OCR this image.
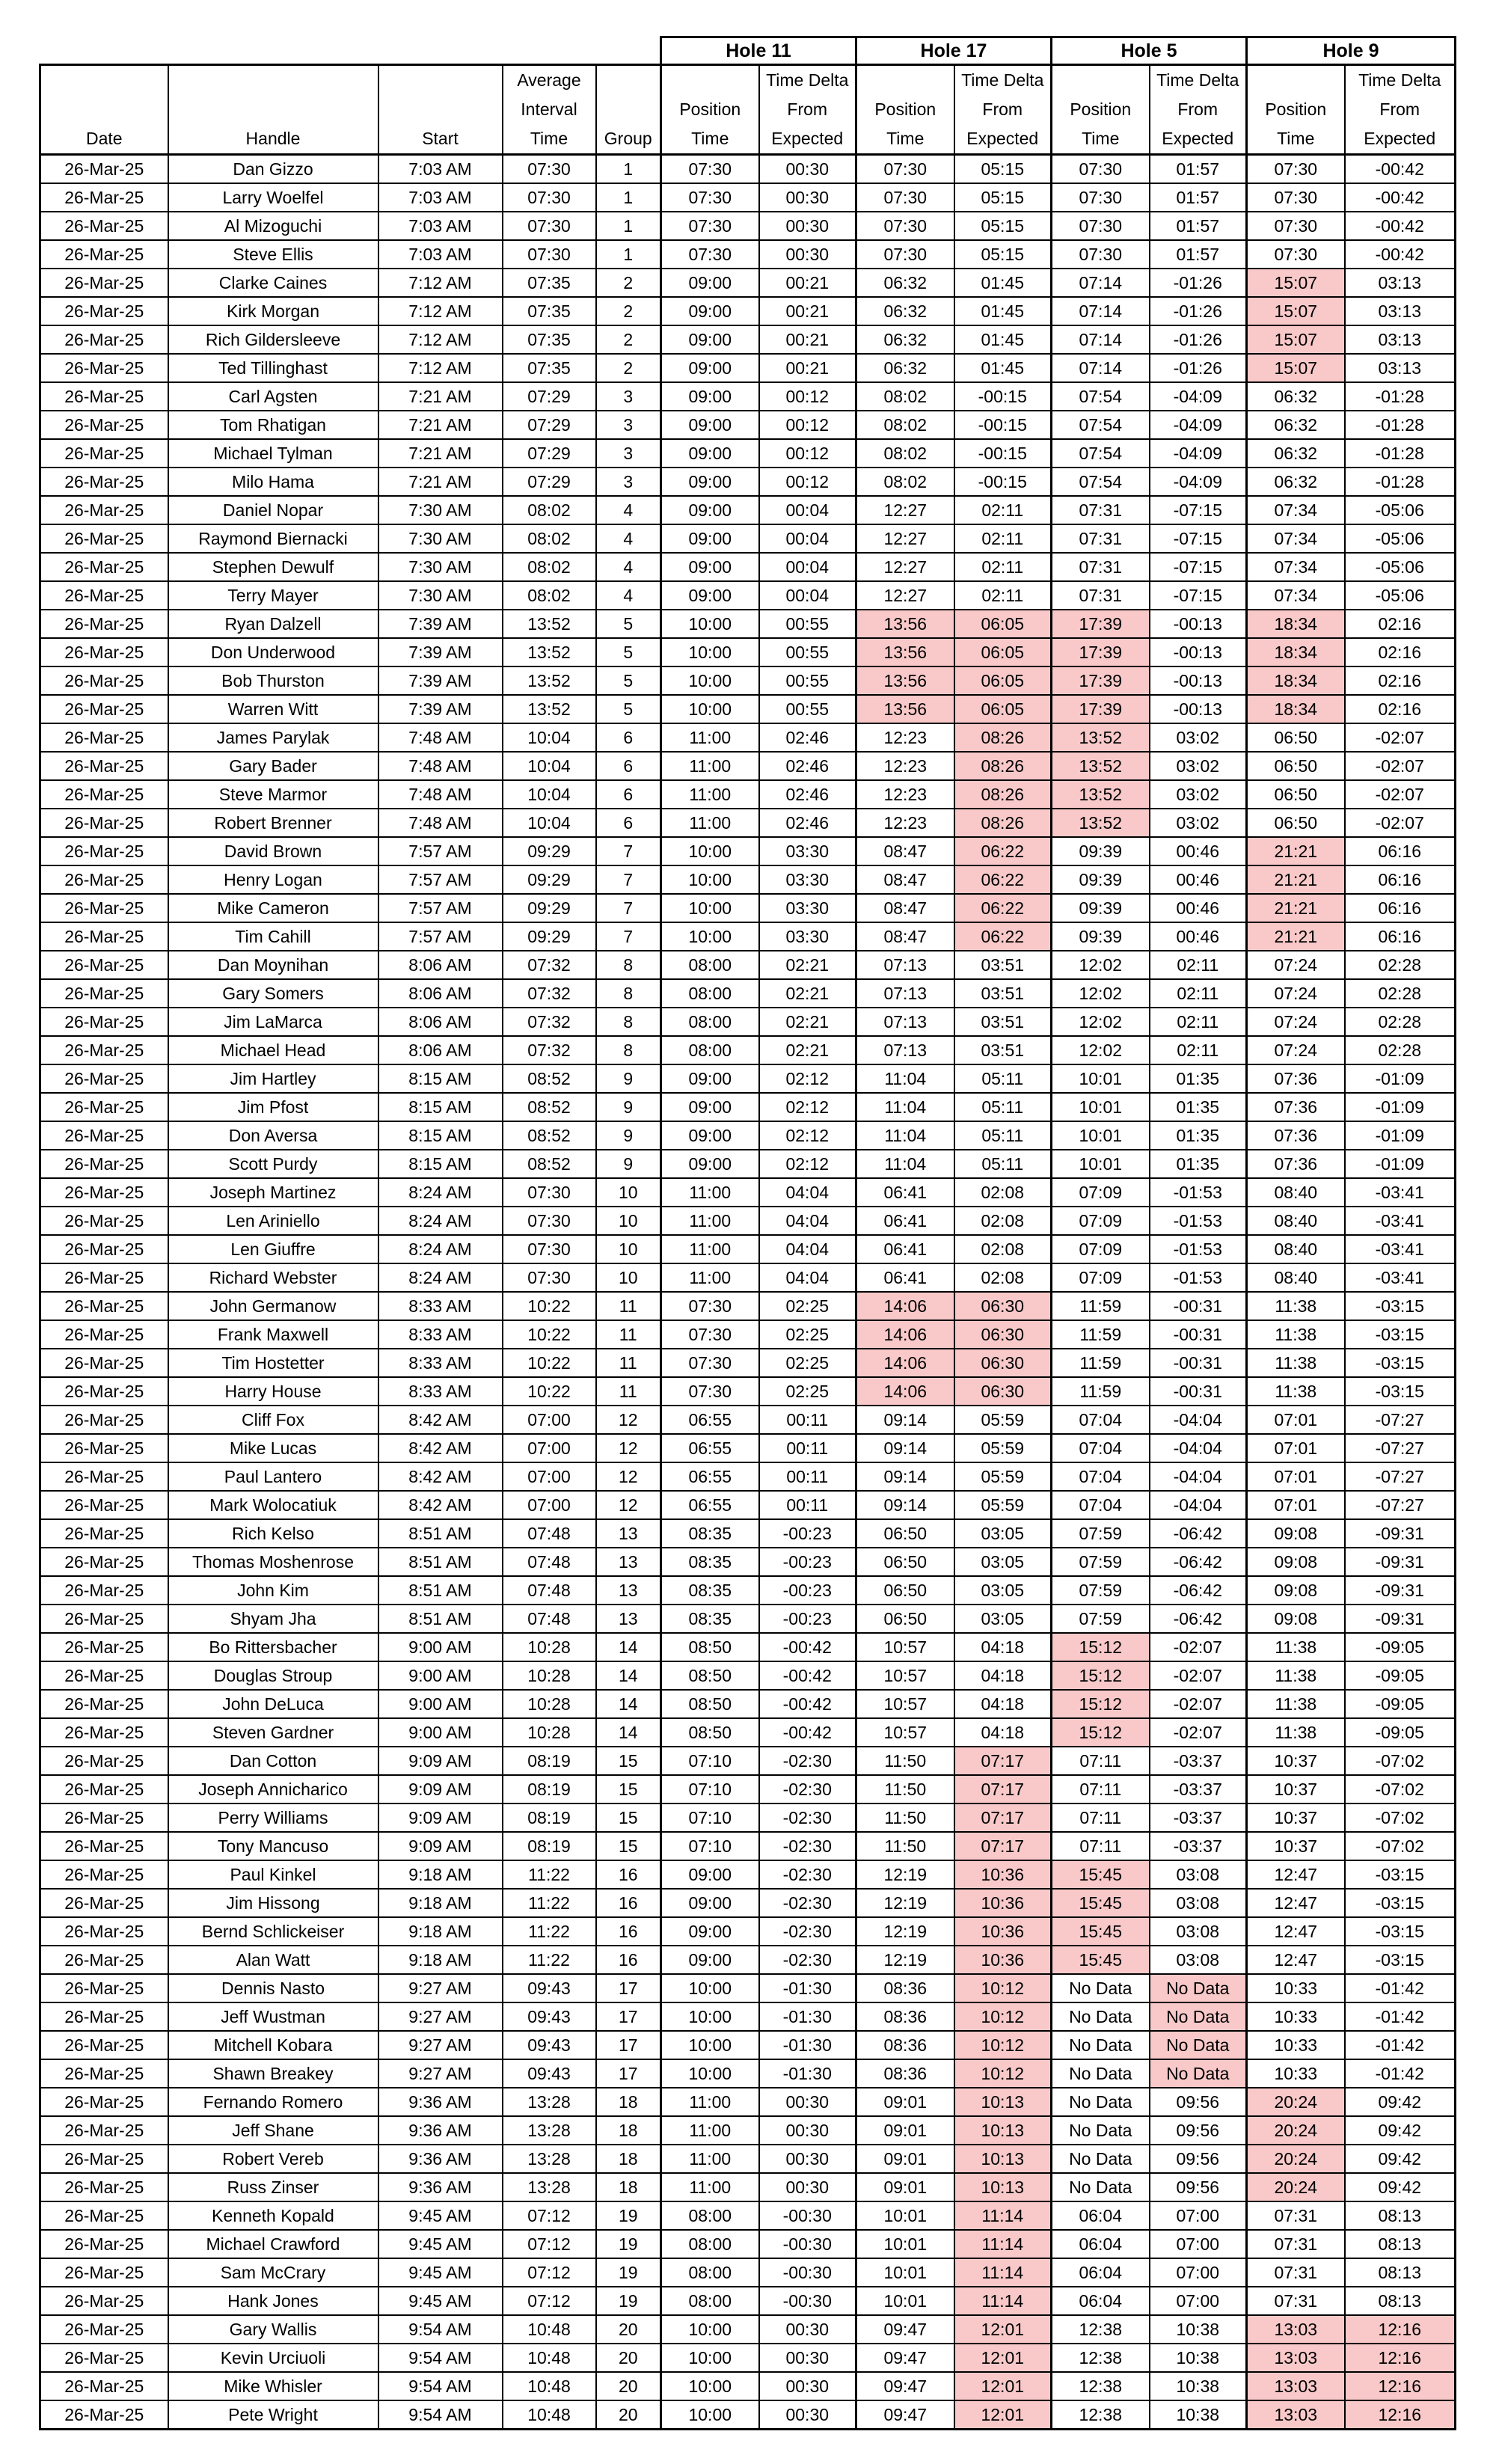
					Hole 11		Hole 17		Hole 5		Hole 9	
			Average			Time Delta		Time Delta		Time Delta		Time Delta
			Interval		Position	From	Position	From	Position	From	Position	From
Date	Handle	Start	Time	Group	Time	Expected	Time	Expected	Time	Expected	Time	Expected
26-Mar-25	Dan Gizzo	7:03 AM	07:30	1	07:30	00:30	07:30	05:15	07:30	01:57	07:30	-00:42
26-Mar-25	Larry Woelfel	7:03 AM	07:30	1	07:30	00:30	07:30	05:15	07:30	01:57	07:30	-00:42
26-Mar-25	Al Mizoguchi	7:03 AM	07:30	1	07:30	00:30	07:30	05:15	07:30	01:57	07:30	-00:42
26-Mar-25	Steve Ellis	7:03 AM	07:30	1	07:30	00:30	07:30	05:15	07:30	01:57	07:30	-00:42
26-Mar-25	Clarke Caines	7:12 AM	07:35	2	09:00	00:21	06:32	01:45	07:14	-01:26	15:07	03:13
26-Mar-25	Kirk Morgan	7:12 AM	07:35	2	09:00	00:21	06:32	01:45	07:14	-01:26	15:07	03:13
26-Mar-25	Rich Gildersleeve	7:12 AM	07:35	2	09:00	00:21	06:32	01:45	07:14	-01:26	15:07	03:13
26-Mar-25	Ted Tillinghast	7:12 AM	07:35	2	09:00	00:21	06:32	01:45	07:14	-01:26	15:07	03:13
26-Mar-25	Carl Agsten	7:21 AM	07:29	3	09:00	00:12	08:02	-00:15	07:54	-04:09	06:32	-01:28
26-Mar-25	Tom Rhatigan	7:21 AM	07:29	3	09:00	00:12	08:02	-00:15	07:54	-04:09	06:32	-01:28
26-Mar-25	Michael Tylman	7:21 AM	07:29	3	09:00	00:12	08:02	-00:15	07:54	-04:09	06:32	-01:28
26-Mar-25	Milo Hama	7:21 AM	07:29	3	09:00	00:12	08:02	-00:15	07:54	-04:09	06:32	-01:28
26-Mar-25	Daniel Nopar	7:30 AM	08:02	4	09:00	00:04	12:27	02:11	07:31	-07:15	07:34	-05:06
26-Mar-25	Raymond Biernacki	7:30 AM	08:02	4	09:00	00:04	12:27	02:11	07:31	-07:15	07:34	-05:06
26-Mar-25	Stephen Dewulf	7:30 AM	08:02	4	09:00	00:04	12:27	02:11	07:31	-07:15	07:34	-05:06
26-Mar-25	Terry Mayer	7:30 AM	08:02	4	09:00	00:04	12:27	02:11	07:31	-07:15	07:34	-05:06
26-Mar-25	Ryan Dalzell	7:39 AM	13:52	5	10:00	00:55	13:56	06:05	17:39	-00:13	18:34	02:16
26-Mar-25	Don Underwood	7:39 AM	13:52	5	10:00	00:55	13:56	06:05	17:39	-00:13	18:34	02:16
26-Mar-25	Bob Thurston	7:39 AM	13:52	5	10:00	00:55	13:56	06:05	17:39	-00:13	18:34	02:16
26-Mar-25	Warren Witt	7:39 AM	13:52	5	10:00	00:55	13:56	06:05	17:39	-00:13	18:34	02:16
26-Mar-25	James Parylak	7:48 AM	10:04	6	11:00	02:46	12:23	08:26	13:52	03:02	06:50	-02:07
26-Mar-25	Gary Bader	7:48 AM	10:04	6	11:00	02:46	12:23	08:26	13:52	03:02	06:50	-02:07
26-Mar-25	Steve Marmor	7:48 AM	10:04	6	11:00	02:46	12:23	08:26	13:52	03:02	06:50	-02:07
26-Mar-25	Robert Brenner	7:48 AM	10:04	6	11:00	02:46	12:23	08:26	13:52	03:02	06:50	-02:07
26-Mar-25	David Brown	7:57 AM	09:29	7	10:00	03:30	08:47	06:22	09:39	00:46	21:21	06:16
26-Mar-25	Henry Logan	7:57 AM	09:29	7	10:00	03:30	08:47	06:22	09:39	00:46	21:21	06:16
26-Mar-25	Mike Cameron	7:57 AM	09:29	7	10:00	03:30	08:47	06:22	09:39	00:46	21:21	06:16
26-Mar-25	Tim Cahill	7:57 AM	09:29	7	10:00	03:30	08:47	06:22	09:39	00:46	21:21	06:16
26-Mar-25	Dan Moynihan	8:06 AM	07:32	8	08:00	02:21	07:13	03:51	12:02	02:11	07:24	02:28
26-Mar-25	Gary Somers	8:06 AM	07:32	8	08:00	02:21	07:13	03:51	12:02	02:11	07:24	02:28
26-Mar-25	Jim LaMarca	8:06 AM	07:32	8	08:00	02:21	07:13	03:51	12:02	02:11	07:24	02:28
26-Mar-25	Michael Head	8:06 AM	07:32	8	08:00	02:21	07:13	03:51	12:02	02:11	07:24	02:28
26-Mar-25	Jim Hartley	8:15 AM	08:52	9	09:00	02:12	11:04	05:11	10:01	01:35	07:36	-01:09
26-Mar-25	Jim Pfost	8:15 AM	08:52	9	09:00	02:12	11:04	05:11	10:01	01:35	07:36	-01:09
26-Mar-25	Don Aversa	8:15 AM	08:52	9	09:00	02:12	11:04	05:11	10:01	01:35	07:36	-01:09
26-Mar-25	Scott Purdy	8:15 AM	08:52	9	09:00	02:12	11:04	05:11	10:01	01:35	07:36	-01:09
26-Mar-25	Joseph Martinez	8:24 AM	07:30	10	11:00	04:04	06:41	02:08	07:09	-01:53	08:40	-03:41
26-Mar-25	Len Ariniello	8:24 AM	07:30	10	11:00	04:04	06:41	02:08	07:09	-01:53	08:40	-03:41
26-Mar-25	Len Giuffre	8:24 AM	07:30	10	11:00	04:04	06:41	02:08	07:09	-01:53	08:40	-03:41
26-Mar-25	Richard Webster	8:24 AM	07:30	10	11:00	04:04	06:41	02:08	07:09	-01:53	08:40	-03:41
26-Mar-25	John Germanow	8:33 AM	10:22	11	07:30	02:25	14:06	06:30	11:59	-00:31	11:38	-03:15
26-Mar-25	Frank Maxwell	8:33 AM	10:22	11	07:30	02:25	14:06	06:30	11:59	-00:31	11:38	-03:15
26-Mar-25	Tim Hostetter	8:33 AM	10:22	11	07:30	02:25	14:06	06:30	11:59	-00:31	11:38	-03:15
26-Mar-25	Harry House	8:33 AM	10:22	11	07:30	02:25	14:06	06:30	11:59	-00:31	11:38	-03:15
26-Mar-25	Cliff Fox	8:42 AM	07:00	12	06:55	00:11	09:14	05:59	07:04	-04:04	07:01	-07:27
26-Mar-25	Mike Lucas	8:42 AM	07:00	12	06:55	00:11	09:14	05:59	07:04	-04:04	07:01	-07:27
26-Mar-25	Paul Lantero	8:42 AM	07:00	12	06:55	00:11	09:14	05:59	07:04	-04:04	07:01	-07:27
26-Mar-25	Mark Wolocatiuk	8:42 AM	07:00	12	06:55	00:11	09:14	05:59	07:04	-04:04	07:01	-07:27
26-Mar-25	Rich Kelso	8:51 AM	07:48	13	08:35	-00:23	06:50	03:05	07:59	-06:42	09:08	-09:31
26-Mar-25	Thomas Moshenrose	8:51 AM	07:48	13	08:35	-00:23	06:50	03:05	07:59	-06:42	09:08	-09:31
26-Mar-25	John Kim	8:51 AM	07:48	13	08:35	-00:23	06:50	03:05	07:59	-06:42	09:08	-09:31
26-Mar-25	Shyam Jha	8:51 AM	07:48	13	08:35	-00:23	06:50	03:05	07:59	-06:42	09:08	-09:31
26-Mar-25	Bo Rittersbacher	9:00 AM	10:28	14	08:50	-00:42	10:57	04:18	15:12	-02:07	11:38	-09:05
26-Mar-25	Douglas Stroup	9:00 AM	10:28	14	08:50	-00:42	10:57	04:18	15:12	-02:07	11:38	-09:05
26-Mar-25	John DeLuca	9:00 AM	10:28	14	08:50	-00:42	10:57	04:18	15:12	-02:07	11:38	-09:05
26-Mar-25	Steven Gardner	9:00 AM	10:28	14	08:50	-00:42	10:57	04:18	15:12	-02:07	11:38	-09:05
26-Mar-25	Dan Cotton	9:09 AM	08:19	15	07:10	-02:30	11:50	07:17	07:11	-03:37	10:37	-07:02
26-Mar-25	Joseph Annicharico	9:09 AM	08:19	15	07:10	-02:30	11:50	07:17	07:11	-03:37	10:37	-07:02
26-Mar-25	Perry Williams	9:09 AM	08:19	15	07:10	-02:30	11:50	07:17	07:11	-03:37	10:37	-07:02
26-Mar-25	Tony Mancuso	9:09 AM	08:19	15	07:10	-02:30	11:50	07:17	07:11	-03:37	10:37	-07:02
26-Mar-25	Paul Kinkel	9:18 AM	11:22	16	09:00	-02:30	12:19	10:36	15:45	03:08	12:47	-03:15
26-Mar-25	Jim Hissong	9:18 AM	11:22	16	09:00	-02:30	12:19	10:36	15:45	03:08	12:47	-03:15
26-Mar-25	Bernd Schlickeiser	9:18 AM	11:22	16	09:00	-02:30	12:19	10:36	15:45	03:08	12:47	-03:15
26-Mar-25	Alan Watt	9:18 AM	11:22	16	09:00	-02:30	12:19	10:36	15:45	03:08	12:47	-03:15
26-Mar-25	Dennis Nasto	9:27 AM	09:43	17	10:00	-01:30	08:36	10:12	No Data	No Data	10:33	-01:42
26-Mar-25	Jeff Wustman	9:27 AM	09:43	17	10:00	-01:30	08:36	10:12	No Data	No Data	10:33	-01:42
26-Mar-25	Mitchell Kobara	9:27 AM	09:43	17	10:00	-01:30	08:36	10:12	No Data	No Data	10:33	-01:42
26-Mar-25	Shawn Breakey	9:27 AM	09:43	17	10:00	-01:30	08:36	10:12	No Data	No Data	10:33	-01:42
26-Mar-25	Fernando Romero	9:36 AM	13:28	18	11:00	00:30	09:01	10:13	No Data	09:56	20:24	09:42
26-Mar-25	Jeff Shane	9:36 AM	13:28	18	11:00	00:30	09:01	10:13	No Data	09:56	20:24	09:42
26-Mar-25	Robert Vereb	9:36 AM	13:28	18	11:00	00:30	09:01	10:13	No Data	09:56	20:24	09:42
26-Mar-25	Russ Zinser	9:36 AM	13:28	18	11:00	00:30	09:01	10:13	No Data	09:56	20:24	09:42
26-Mar-25	Kenneth Kopald	9:45 AM	07:12	19	08:00	-00:30	10:01	11:14	06:04	07:00	07:31	08:13
26-Mar-25	Michael Crawford	9:45 AM	07:12	19	08:00	-00:30	10:01	11:14	06:04	07:00	07:31	08:13
26-Mar-25	Sam McCrary	9:45 AM	07:12	19	08:00	-00:30	10:01	11:14	06:04	07:00	07:31	08:13
26-Mar-25	Hank Jones	9:45 AM	07:12	19	08:00	-00:30	10:01	11:14	06:04	07:00	07:31	08:13
26-Mar-25	Gary Wallis	9:54 AM	10:48	20	10:00	00:30	09:47	12:01	12:38	10:38	13:03	12:16
26-Mar-25	Kevin Urciuoli	9:54 AM	10:48	20	10:00	00:30	09:47	12:01	12:38	10:38	13:03	12:16
26-Mar-25	Mike Whisler	9:54 AM	10:48	20	10:00	00:30	09:47	12:01	12:38	10:38	13:03	12:16
26-Mar-25	Pete Wright	9:54 AM	10:48	20	10:00	00:30	09:47	12:01	12:38	10:38	13:03	12:16
